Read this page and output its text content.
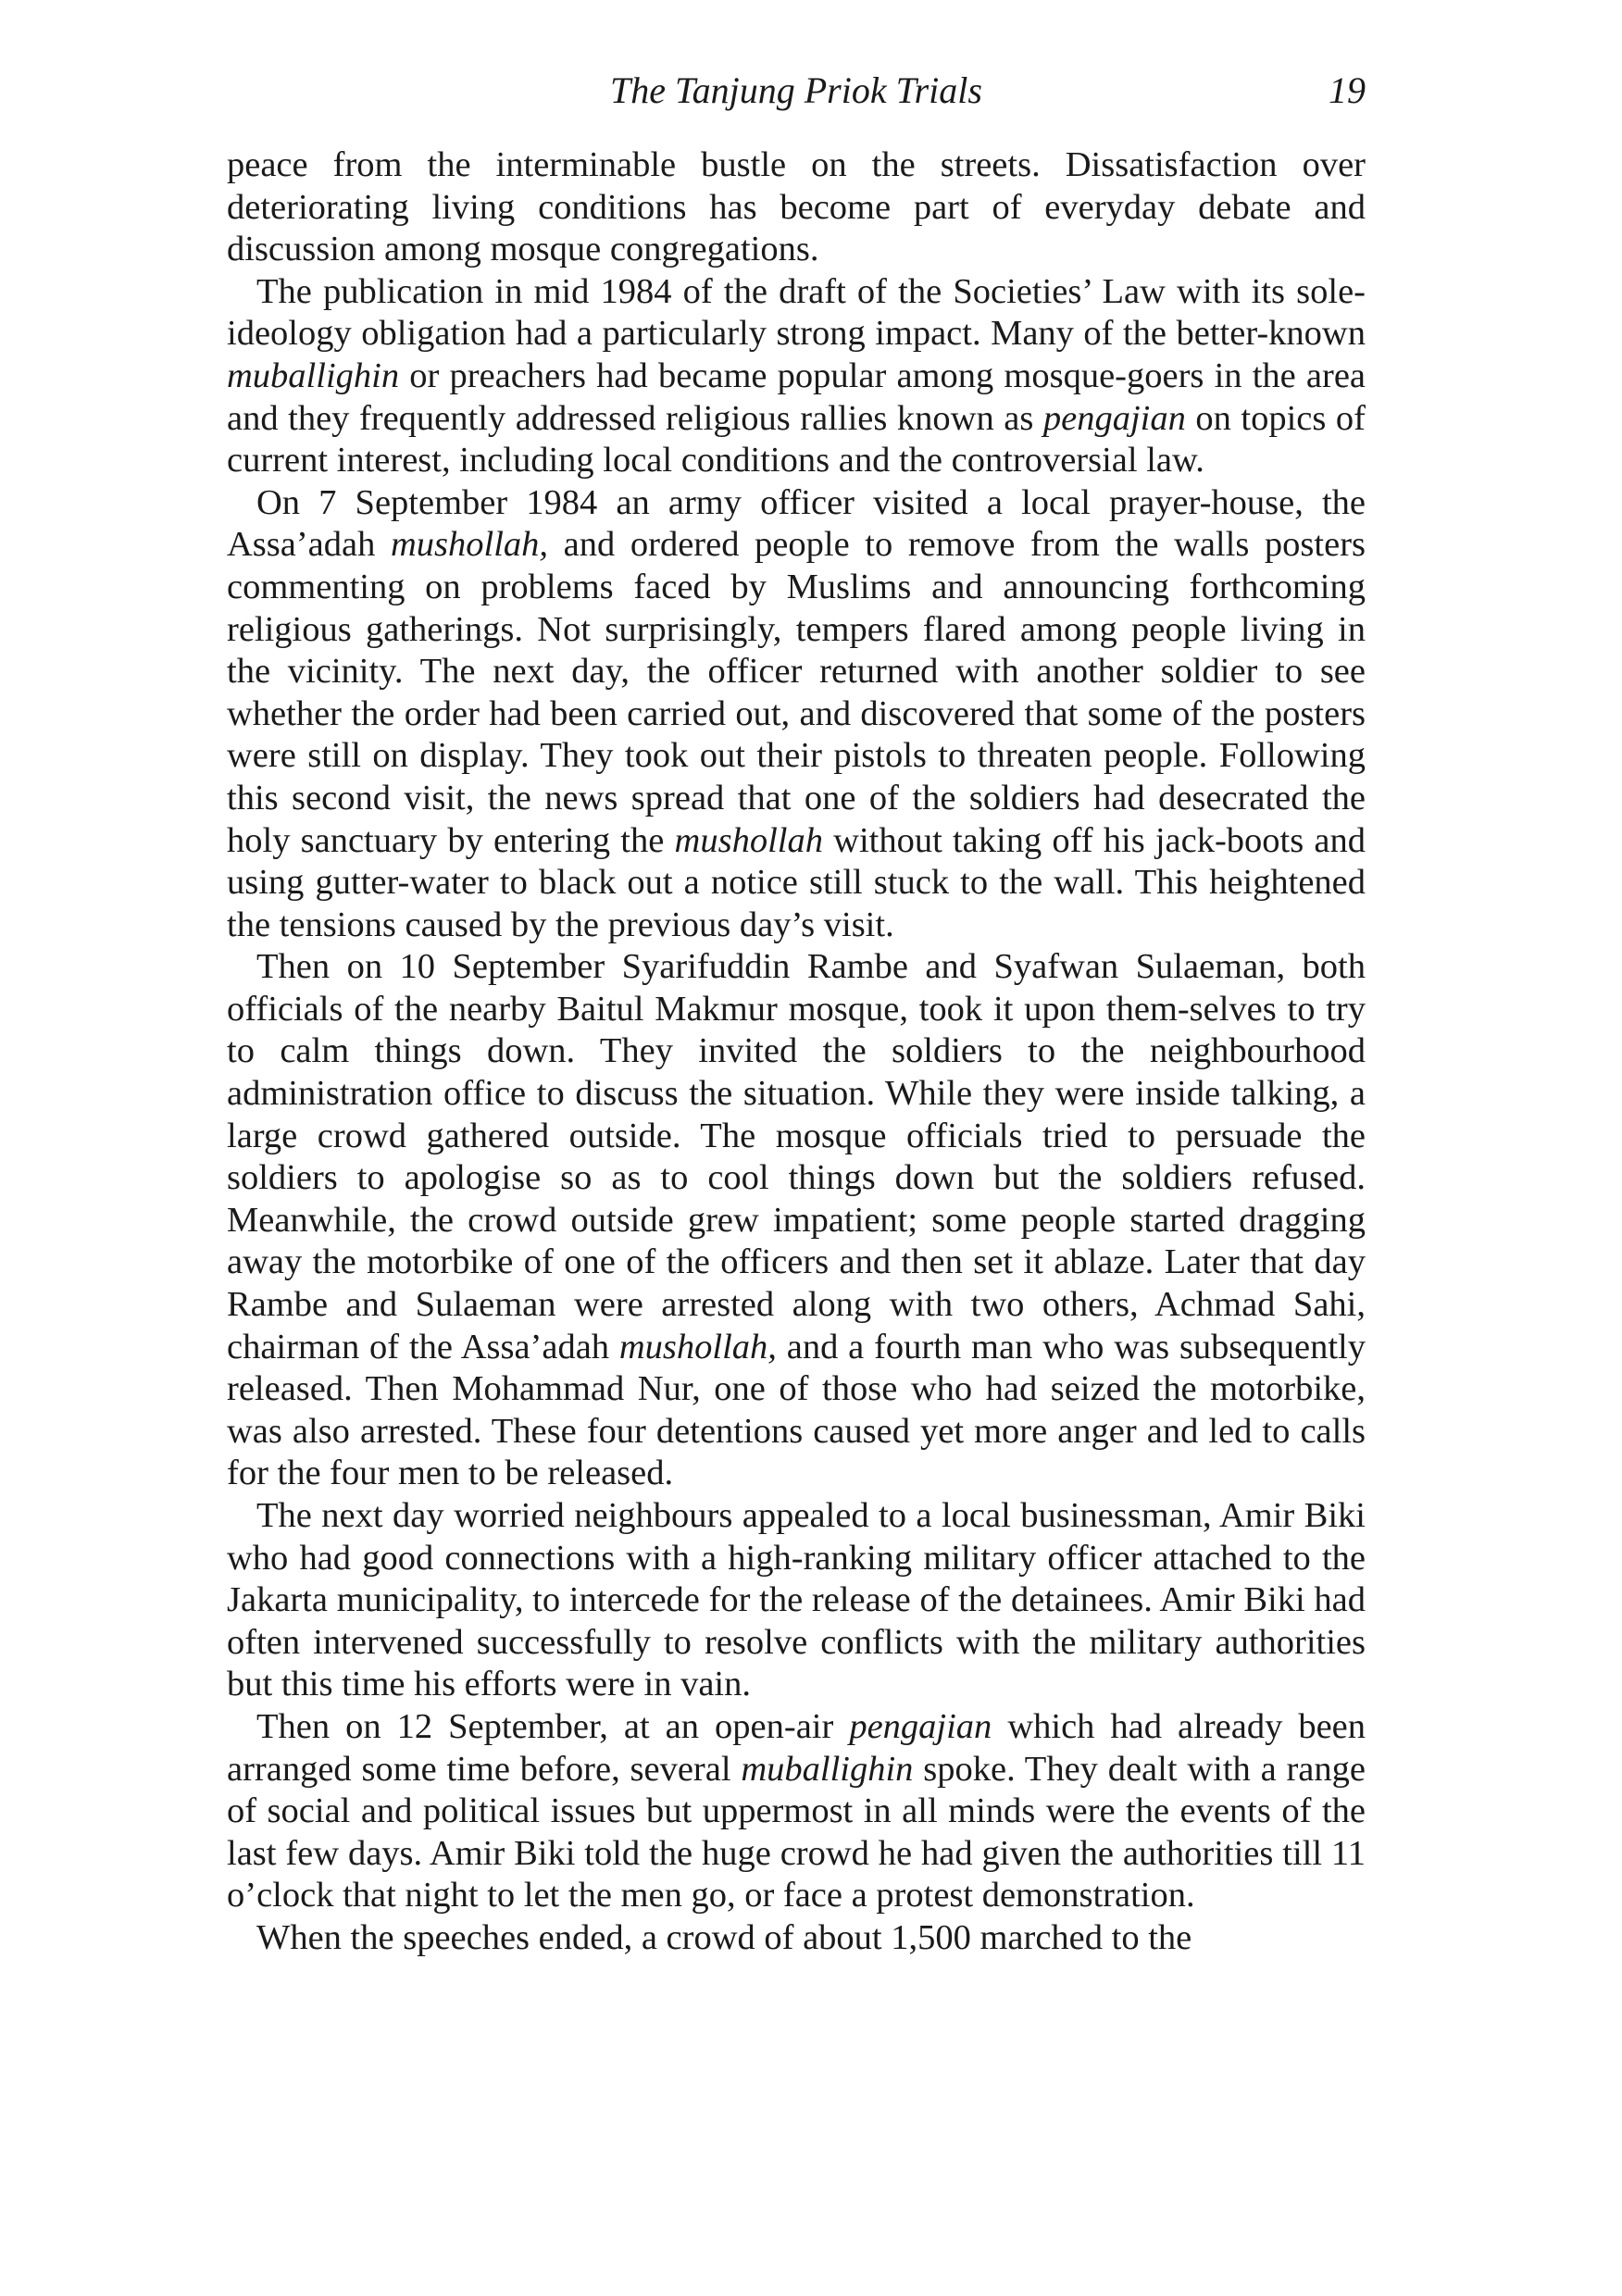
The Tanjung Priok Trials	19

peace from the interminable bustle on the streets. Dissatisfaction over deteriorating living conditions has become part of everyday debate and discussion among mosque congregations.

The publication in mid 1984 of the draft of the Societies’ Law with its sole-ideology obligation had a particularly strong impact. Many of the better-known muballighin or preachers had became popular among mosque-goers in the area and they frequently addressed religious rallies known as pengajian on topics of current interest, including local conditions and the controversial law.

On 7 September 1984 an army officer visited a local prayer-house, the Assa’adah mushollah, and ordered people to remove from the walls posters commenting on problems faced by Muslims and announcing forthcoming religious gatherings. Not surprisingly, tempers flared among people living in the vicinity. The next day, the officer returned with another soldier to see whether the order had been carried out, and discovered that some of the posters were still on display. They took out their pistols to threaten people. Following this second visit, the news spread that one of the soldiers had desecrated the holy sanctuary by entering the mushollah without taking off his jack-boots and using gutter-water to black out a notice still stuck to the wall. This heightened the tensions caused by the previous day’s visit.

Then on 10 September Syarifuddin Rambe and Syafwan Sulaeman, both officials of the nearby Baitul Makmur mosque, took it upon them-selves to try to calm things down. They invited the soldiers to the neighbourhood administration office to discuss the situation. While they were inside talking, a large crowd gathered outside. The mosque officials tried to persuade the soldiers to apologise so as to cool things down but the soldiers refused. Meanwhile, the crowd outside grew impatient; some people started dragging away the motorbike of one of the officers and then set it ablaze. Later that day Rambe and Sulaeman were arrested along with two others, Achmad Sahi, chairman of the Assa’adah mushollah, and a fourth man who was subsequently released. Then Mohammad Nur, one of those who had seized the motorbike, was also arrested. These four detentions caused yet more anger and led to calls for the four men to be released.

The next day worried neighbours appealed to a local businessman, Amir Biki who had good connections with a high-ranking military officer attached to the Jakarta municipality, to intercede for the release of the detainees. Amir Biki had often intervened successfully to resolve conflicts with the military authorities but this time his efforts were in vain.

Then on 12 September, at an open-air pengajian which had already been arranged some time before, several muballighin spoke. They dealt with a range of social and political issues but uppermost in all minds were the events of the last few days. Amir Biki told the huge crowd he had given the authorities till 11 o’clock that night to let the men go, or face a protest demonstration.

When the speeches ended, a crowd of about 1,500 marched to the
